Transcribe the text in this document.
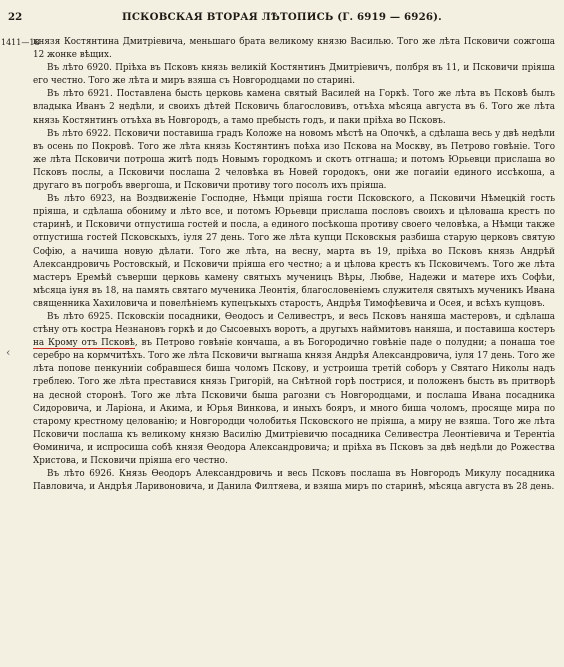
22	ПСКОВСКАЯ ВТОРАЯ ЛѢТОПИСЬ (Г. 6919 — 6926).
1411—18
‹

князя Костянтина Дмитріевича, меньшаго брата великому князю Василью. Того же лѣта Псковичи сожгоша 12 жонке вѣщих.

Въ лѣто 6920. Пріѣха въ Псковъ князь великiй Костянтинъ Дмитріевичъ, полбря въ 11, и Псковичи пріяша его честно. Того же лѣта и миръ взяша съ Новгородцами по старині.

Въ лѣто 6921. Поставлена бысть церковь камена святый Василей на Горкѣ. Того же лѣта въ Псковѣ былъ владыка Иванъ 2 недѣли, и своихъ дѣтей Псковичь благословивъ, отъѣха мѣсяца августа въ 6. Того же лѣта князь Костянтинъ отъѣха въ Новгородъ, а тамо пребысть годъ, и паки пріѣха во Псковъ.

Въ лѣто 6922. Псковичи поставиша градъ Коложе на новомъ мѣстѣ на Опочкѣ, а сдѣлаша весь у двѣ недѣли въ осень по Покровѣ. Того же лѣта князь Костянтинъ поѣха изо Пскова на Москву, въ Петрово говѣніе. Того же лѣта Псковичи потроша житѣ подъ Новымъ городкомъ и скотъ отгнаша; и потомъ Юрьевци прислаша во Псковъ послы, а Псковичи послаша 2 человѣка въ Новей городокъ, они же погаиіи единого иссѣкоша, а другаго въ погробъ ввергоша, и Псковичи противу того посолъ ихъ пріяша.

Въ лѣто 6923, на Воздвиженіе Господне, Нѣмци пріяша гости Псковского, а Псковичи Нѣмецкій гость пріяша, и сдѣлаша обониму и лѣто все, и потомъ Юрьевци прислаша пословъ своихъ и цѣловаша крестъ по старинѣ, и Псковичи отпустиша гостей и посла, а единого посѣкоша противу своего человѣка, а Нѣмци также отпустиша гостей Псковскыхъ, іуля 27 день. Того же лѣта купци Псковскыя разбиша старую церковъ святую Софію, а начиша новую дѣлати. Того же лѣта, на весну, марта въ 19, пріѣха во Псковъ князь Андрѣй Александровичь Ростовскый, и Псковичи пріяша его честно; а и цѣлова крестъ къ Псковичемъ. Того же лѣта мастеръ Еремѣй съверши церковь камену святыхъ мученицъ Вѣры, Любве, Надежи и матере ихъ Софѣи, мѣсяца іуня въ 18, на память святаго мученика Леонтія, благословеніемъ служителя святыхъ мученикъ Ивана священника Хахиловича и повелѣніемъ купецъкыхъ старостъ, Андрѣя Тимофѣевича и Осея, и всѣхъ купцовъ.

Въ лѣто 6925. Псковскіи посадники, Ѳеодосъ и Селивестръ, и весь Псковъ наняша мастеровъ, и сдѣлаша стѣну отъ костра Незнановъ горкѣ и до Сысоевыхъ воротъ, а другыхъ наймитовъ наняша, и поставиша костеръ на Крому отъ Псковѣ, въ Петрово говѣніе кончаша, а въ Богородично говѣніе паде о полудни; а понаша тое серебро на кормчитѣхъ. Того же лѣта Псковичи выгнаша князя Андрѣя Александровича, іуля 17 день. Того же лѣта попове пенкуниіи собравшеся биша чоломъ Пскову, и устроиша третій соборъ у Святаго Николы надъ греблею. Того же лѣта преставися князь Григорій, на Снѣтной горѣ пострися, и положенъ бысть въ притворѣ на десной сторонѣ. Того же лѣта Псковичи быша рагозни съ Новгородцами, и послаша Ивана посадника Сидоровича, и Ларіона, и Акима, и Юрья Винкова, и иныхъ бояръ, и много биша чоломъ, просяще мира по старому крестному целованію; и Новгородци чолобитья Псковского не пріяша, а миру не взяша. Того же лѣта Псковичи послаша къ великому князю Василію Дмитріевичю посадника Селивестра Леонтіевича и Терентіа Ѳоминича, и испросиша собѣ князя Ѳеодора Александровича; и пріѣха въ Псковъ за двѣ недѣли до Рожества Христова, и Псковичи пріяша его честно.

Въ лѣто 6926. Князь Ѳеодоръ Александровичь и весь Псковъ послаша въ Новгородъ Микулу посадника Павловича, и Андрѣя Ларивоновича, и Данила Филтяева, и взяша миръ по старинѣ, мѣсяца августа въ 28 день.
